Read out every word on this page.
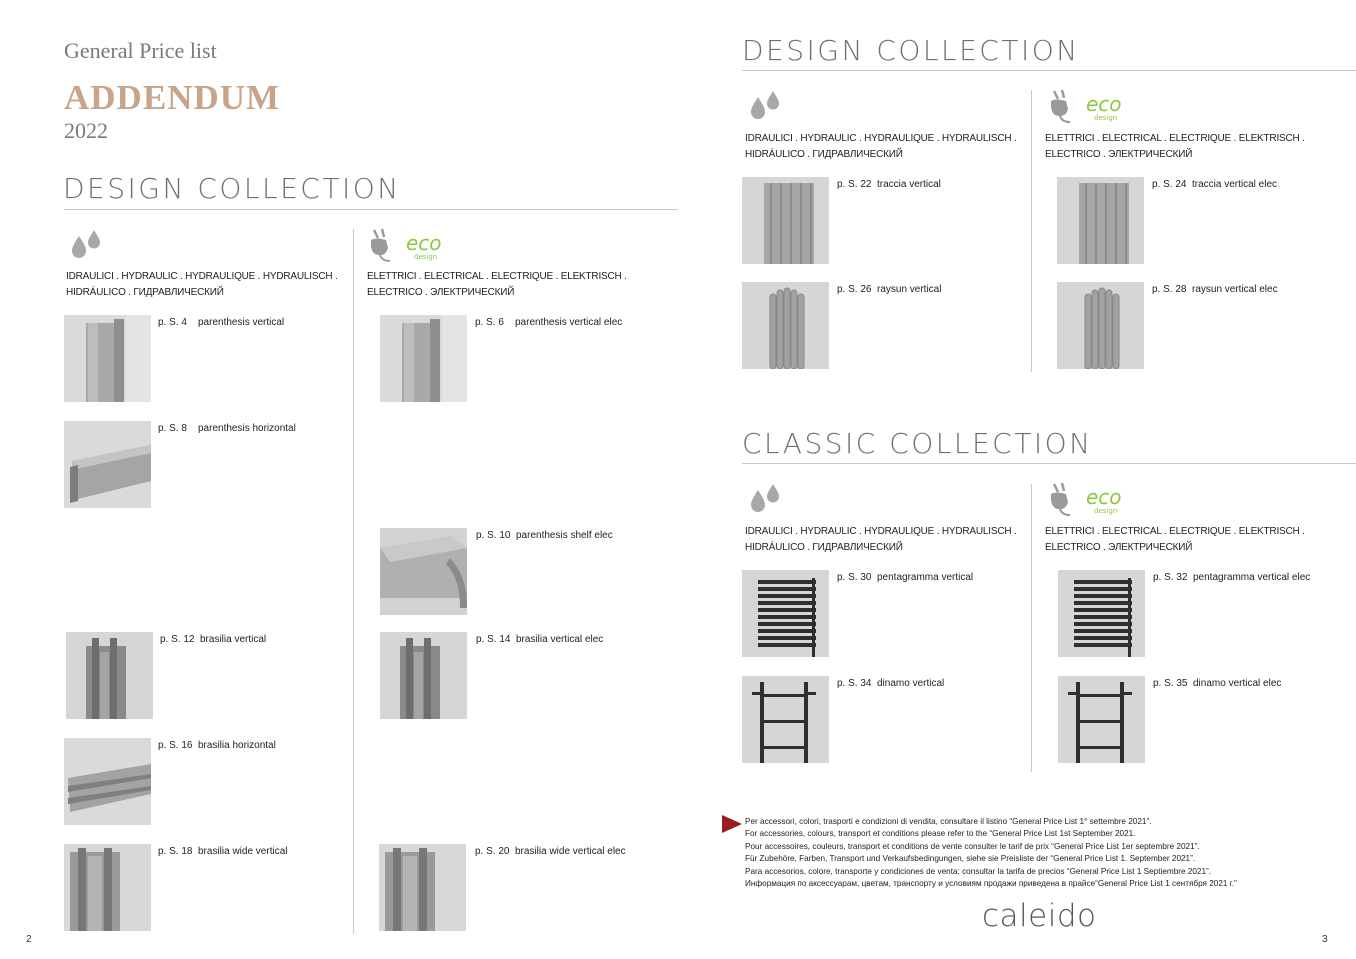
General Price list
ADDENDUM
2022
DESIGN COLLECTION
IDRAULICI . HYDRAULIC . HYDRAULIQUE . HYDRAULISCH .
HIDRÁULICO . ГИДРАВЛИЧЕСКИЙ
eco
design
ELETTRICI . ELECTRICAL . ELECTRIQUE . ELEKTRISCH .
ELECTRICO . ЭЛЕКТРИЧЕСКИЙ
p. S. 4 parenthesis vertical
p. S. 8 parenthesis horizontal
p. S. 12 brasilia vertical
p. S. 16 brasilia horizontal
p. S. 18 brasilia wide vertical
p. S. 6 parenthesis vertical elec
p. S. 10 parenthesis shelf elec
p. S. 14 brasilia vertical elec
p. S. 20 brasilia wide vertical elec
2
DESIGN COLLECTION
IDRAULICI . HYDRAULIC . HYDRAULIQUE . HYDRAULISCH .
HIDRÁULICO . ГИДРАВЛИЧЕСКИЙ
eco
design
ELETTRICI . ELECTRICAL . ELECTRIQUE . ELEKTRISCH .
ELECTRICO . ЭЛЕКТРИЧЕСКИЙ
p. S. 22 traccia vertical
p. S. 26 raysun vertical
p. S. 24 traccia vertical elec
p. S. 28 raysun vertical elec
CLASSIC COLLECTION
IDRAULICI . HYDRAULIC . HYDRAULIQUE . HYDRAULISCH .
HIDRÁULICO . ГИДРАВЛИЧЕСКИЙ
eco
design
ELETTRICI . ELECTRICAL . ELECTRIQUE . ELEKTRISCH .
ELECTRICO . ЭЛЕКТРИЧЕСКИЙ
p. S. 30 pentagramma vertical
p. S. 34 dinamo vertical
p. S. 32 pentagramma vertical elec
p. S. 35 dinamo vertical elec
Per accessori, colori, trasporti e condizioni di vendita, consultare il listino “General Price List 1° settembre 2021”.
For accessories, colours, transport et conditions please refer to the “General Price List 1st September 2021.
Pour accessoires, couleurs, transport et conditions de vente consulter le tarif de prix “General Price List 1er septembre 2021”.
Für Zubehöre, Farben, Transport und Verkaufsbedingungen, siehe sie Preisliste der “General Price List 1. September 2021”.
Para accesorios, colore, transporte y condiciones de venta: consultar la tarifa de precios “General Price List 1 Septiembre 2021”.
Информация по аксессуарам, цветам, транспорту и условиям продажи приведена в прайсе“General Price List 1 сентября 2021 г.”
caleido
3
